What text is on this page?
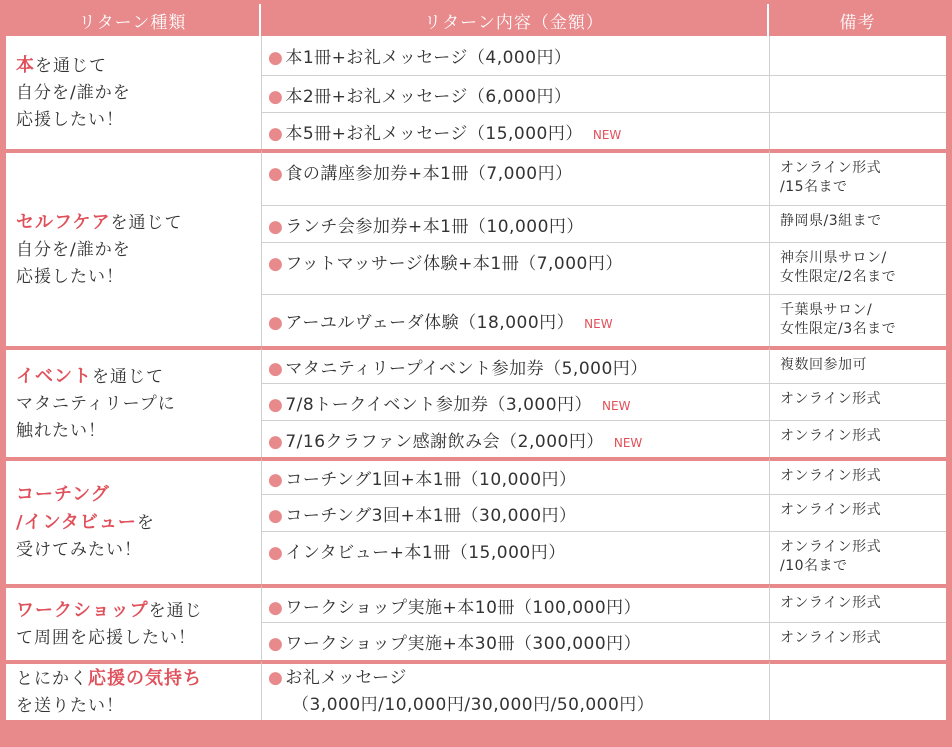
リターン種類	リターン内容（金額）	備考
本を通じて
自分を/誰かを
応援したい！	● 本1冊+お礼メッセージ（4,000円）	
	● 本2冊+お礼メッセージ（6,000円）	
	● 本5冊+お礼メッセージ（15,000円） NEW	
セルフケアを通じて
自分を/誰かを
応援したい！	● 食の講座参加券+本1冊（7,000円）	オンライン形式
/15名まで
	● ランチ会参加券+本1冊（10,000円）	静岡県/3組まで
	● フットマッサージ体験+本1冊（7,000円）	神奈川県サロン/
女性限定/2名まで
	● アーユルヴェーダ体験（18,000円） NEW	千葉県サロン/
女性限定/3名まで
イベントを通じて
マタニティリープに
触れたい！	● マタニティリープイベント参加券（5,000円）	複数回参加可
	● 7/8トークイベント参加券（3,000円） NEW	オンライン形式
	● 7/16クラファン感謝飲み会（2,000円） NEW	オンライン形式
コーチング
/インタビューを
受けてみたい！	● コーチング1回+本1冊（10,000円）	オンライン形式
	● コーチング3回+本1冊（30,000円）	オンライン形式
	● インタビュー+本1冊（15,000円）	オンライン形式
/10名まで
ワークショップを通じ
て周囲を応援したい！	● ワークショップ実施+本10冊（100,000円）	オンライン形式
	● ワークショップ実施+本30冊（300,000円）	オンライン形式
とにかく応援の気持ち
を送りたい！	● お礼メッセージ
（3,000円/10,000円/30,000円/50,000円）	
